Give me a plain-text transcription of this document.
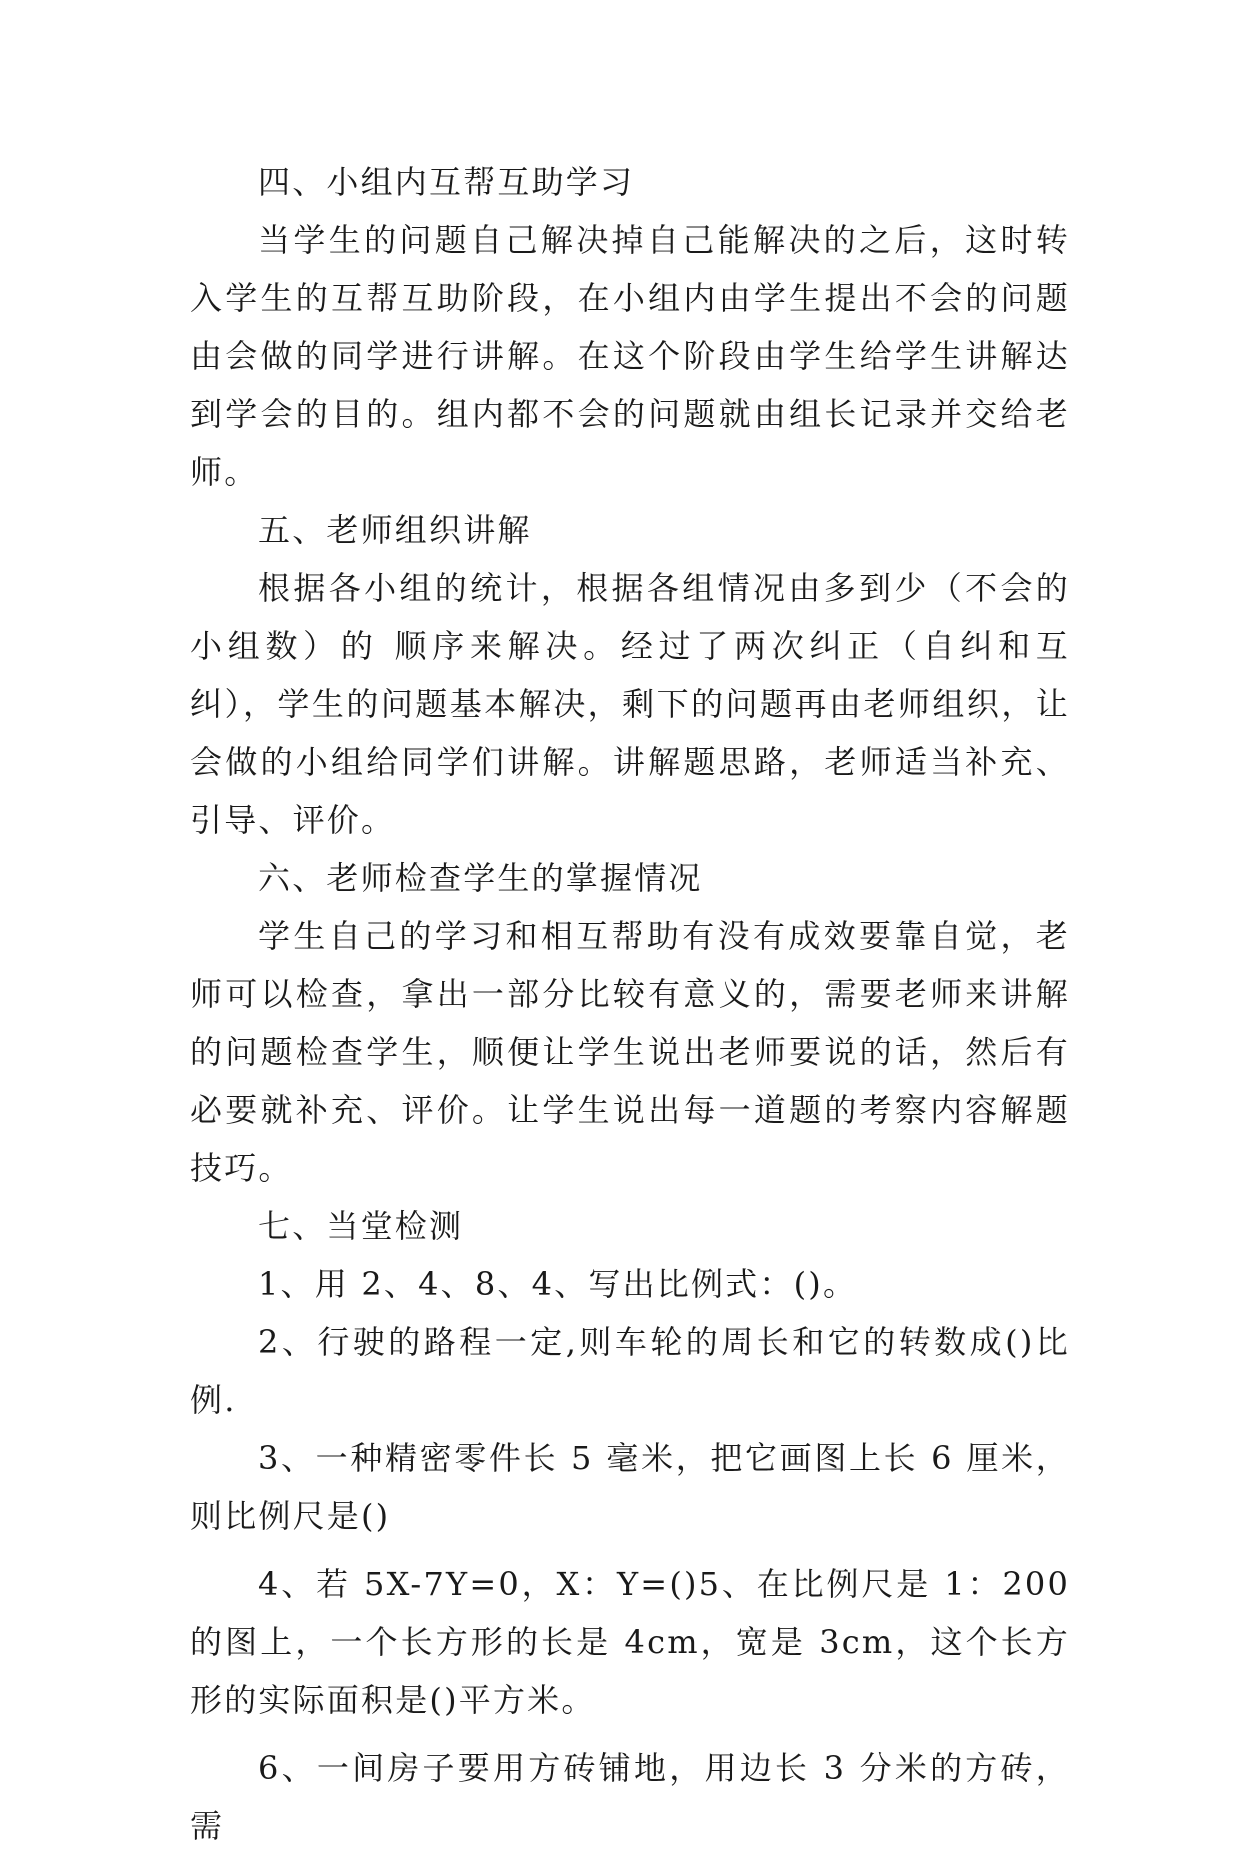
四、小组内互帮互助学习

当学生的问题自己解决掉自己能解决的之后，这时转入学生的互帮互助阶段，在小组内由学生提出不会的问题由会做的同学进行讲解。在这个阶段由学生给学生讲解达到学会的目的。组内都不会的问题就由组长记录并交给老师。

五、老师组织讲解

根据各小组的统计，根据各组情况由多到少（不会的小组数）的 顺序来解决。经过了两次纠正（自纠和互纠），学生的问题基本解决，剩下的问题再由老师组织，让会做的小组给同学们讲解。讲解题思路，老师适当补充、引导、评价。

六、老师检查学生的掌握情况

学生自己的学习和相互帮助有没有成效要靠自觉，老师可以检查，拿出一部分比较有意义的，需要老师来讲解的问题检查学生，顺便让学生说出老师要说的话，然后有必要就补充、评价。让学生说出每一道题的考察内容解题技巧。

七、当堂检测

1、用 2、4、8、4、写出比例式：()。

2、行驶的路程一定,则车轮的周长和它的转数成()比例.

3、一种精密零件长 5 毫米，把它画图上长 6 厘米，则比例尺是()

4、若 5X-7Y=0，X：Y=()5、在比例尺是 1：200 的图上，一个长方形的长是 4cm，宽是 3cm，这个长方形的实际面积是()平方米。

6、一间房子要用方砖铺地，用边长 3 分米的方砖，需
